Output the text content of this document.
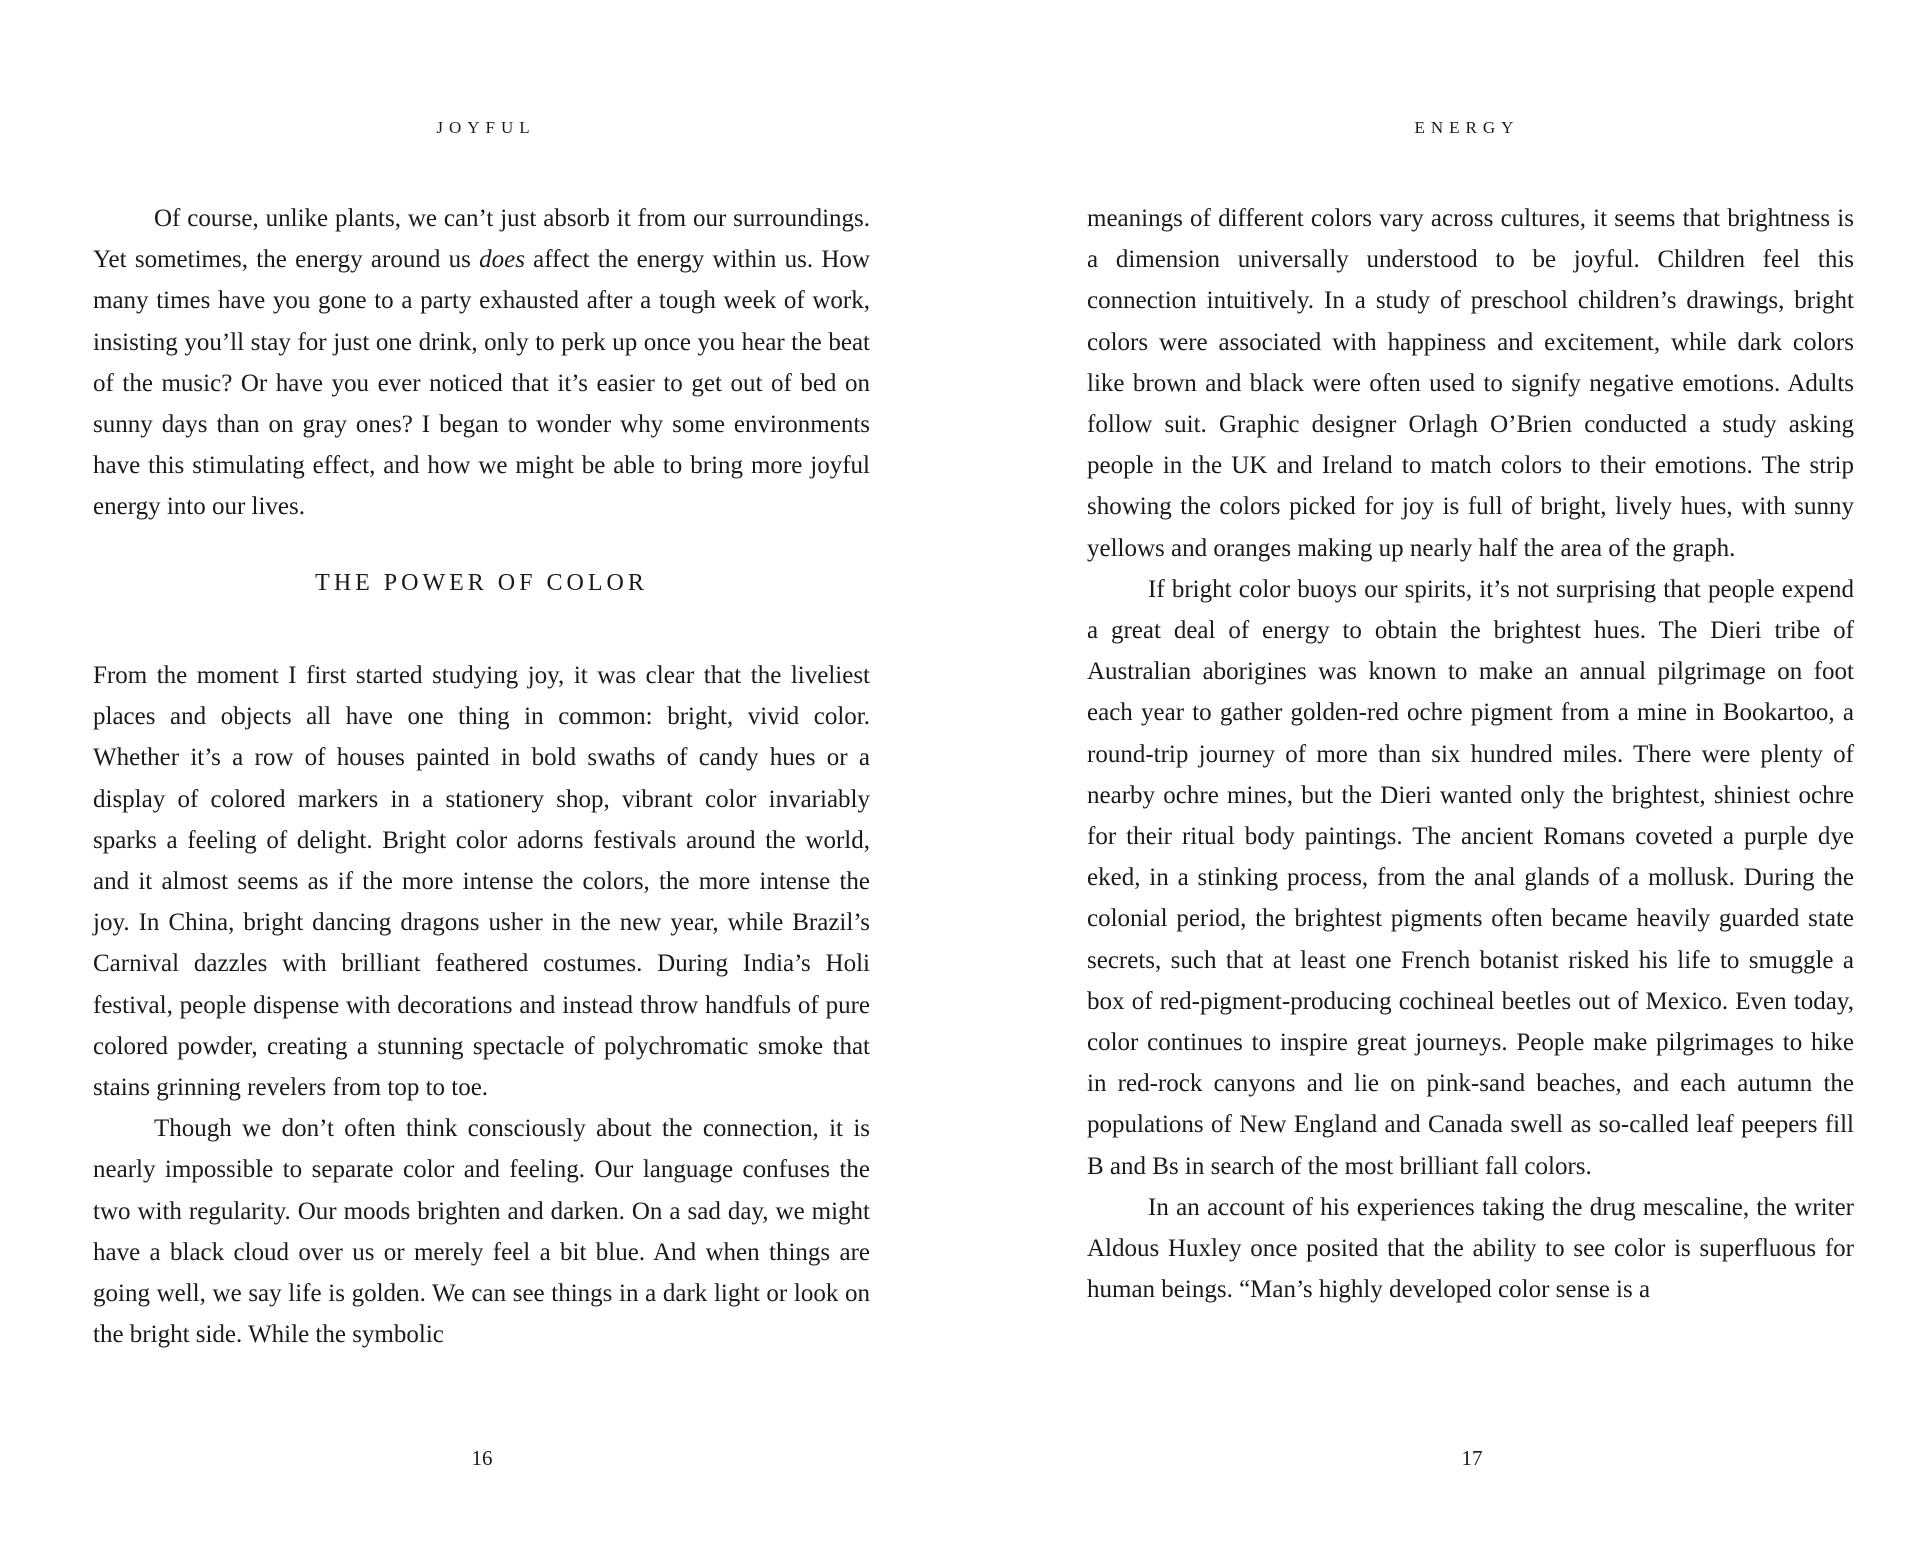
JOYFUL

Of course, unlike plants, we can’t just absorb it from our surroundings. Yet sometimes, the energy around us does affect the energy within us. How many times have you gone to a party exhausted after a tough week of work, insisting you’ll stay for just one drink, only to perk up once you hear the beat of the music? Or have you ever noticed that it’s easier to get out of bed on sunny days than on gray ones? I began to wonder why some environments have this stimulating effect, and how we might be able to bring more joyful energy into our lives.

THE POWER OF COLOR

From the moment I first started studying joy, it was clear that the liveliest places and objects all have one thing in common: bright, vivid color. Whether it’s a row of houses painted in bold swaths of candy hues or a display of colored markers in a stationery shop, vibrant color invariably sparks a feeling of delight. Bright color adorns festivals around the world, and it almost seems as if the more intense the colors, the more intense the joy. In China, bright dancing dragons usher in the new year, while Brazil’s Carnival dazzles with brilliant feathered costumes. During India’s Holi festival, people dispense with decorations and instead throw handfuls of pure colored powder, creating a stunning spectacle of polychromatic smoke that stains grinning revelers from top to toe.

Though we don’t often think consciously about the connection, it is nearly impossible to separate color and feeling. Our language confuses the two with regularity. Our moods brighten and darken. On a sad day, we might have a black cloud over us or merely feel a bit blue. And when things are going well, we say life is golden. We can see things in a dark light or look on the bright side. While the symbolic

16
ENERGY

meanings of different colors vary across cultures, it seems that brightness is a dimension universally understood to be joyful. Children feel this connection intuitively. In a study of preschool children’s drawings, bright colors were associated with happiness and excitement, while dark colors like brown and black were often used to signify negative emotions. Adults follow suit. Graphic designer Orlagh O’Brien conducted a study asking people in the UK and Ireland to match colors to their emotions. The strip showing the colors picked for joy is full of bright, lively hues, with sunny yellows and oranges making up nearly half the area of the graph.

If bright color buoys our spirits, it’s not surprising that people expend a great deal of energy to obtain the brightest hues. The Dieri tribe of Australian aborigines was known to make an annual pilgrimage on foot each year to gather golden-red ochre pigment from a mine in Bookartoo, a round-trip journey of more than six hundred miles. There were plenty of nearby ochre mines, but the Dieri wanted only the brightest, shiniest ochre for their ritual body paintings. The ancient Romans coveted a purple dye eked, in a stinking process, from the anal glands of a mollusk. During the colonial period, the brightest pigments often became heavily guarded state secrets, such that at least one French botanist risked his life to smuggle a box of red-pigment-producing cochineal beetles out of Mexico. Even today, color continues to inspire great journeys. People make pilgrimages to hike in red-rock canyons and lie on pink-sand beaches, and each autumn the populations of New England and Canada swell as so-called leaf peepers fill B and Bs in search of the most brilliant fall colors.

In an account of his experiences taking the drug mescaline, the writer Aldous Huxley once posited that the ability to see color is superfluous for human beings. “Man’s highly developed color sense is a

17
